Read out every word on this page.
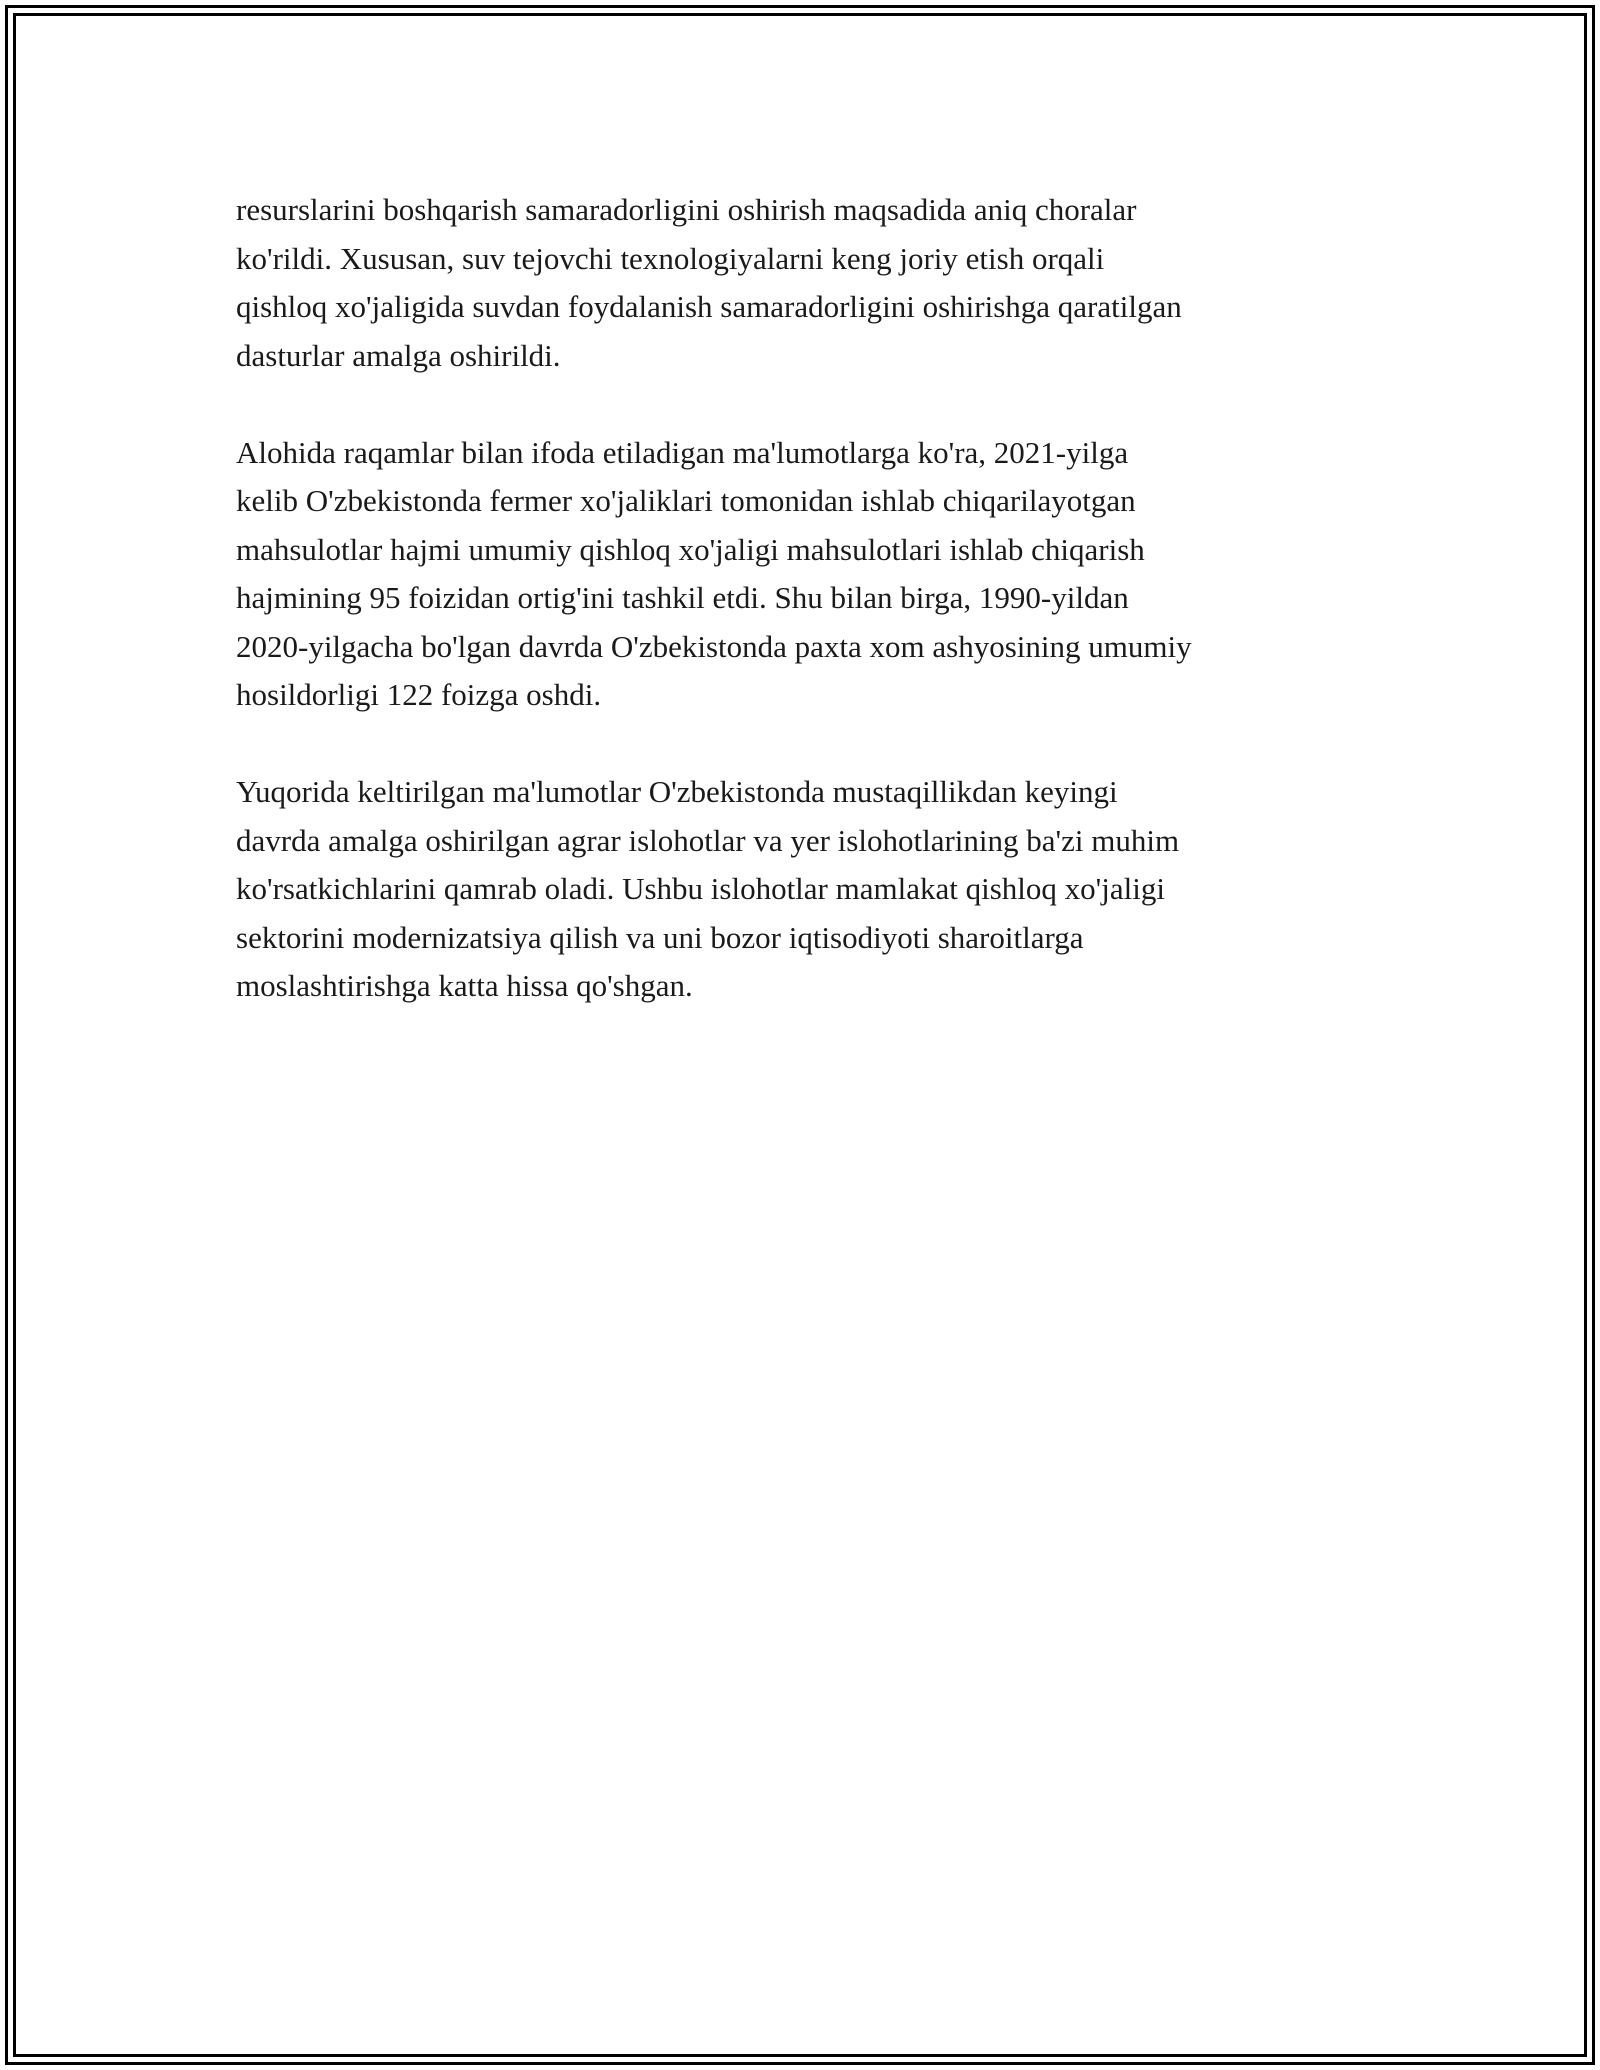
resurslarini boshqarish samaradorligini oshirish maqsadida aniq choralar
ko'rildi. Xususan, suv tejovchi texnologiyalarni keng joriy etish orqali
qishloq xo'jaligida suvdan foydalanish samaradorligini oshirishga qaratilgan
dasturlar amalga oshirildi.

Alohida raqamlar bilan ifoda etiladigan ma'lumotlarga ko'ra, 2021-yilga
kelib O'zbekistonda fermer xo'jaliklari tomonidan ishlab chiqarilayotgan
mahsulotlar hajmi umumiy qishloq xo'jaligi mahsulotlari ishlab chiqarish
hajmining 95 foizidan ortig'ini tashkil etdi. Shu bilan birga, 1990-yildan
2020-yilgacha bo'lgan davrda O'zbekistonda paxta xom ashyosining umumiy
hosildorligi 122 foizga oshdi.

Yuqorida keltirilgan ma'lumotlar O'zbekistonda mustaqillikdan keyingi
davrda amalga oshirilgan agrar islohotlar va yer islohotlarining ba'zi muhim
ko'rsatkichlarini qamrab oladi. Ushbu islohotlar mamlakat qishloq xo'jaligi
sektorini modernizatsiya qilish va uni bozor iqtisodiyoti sharoitlarga
moslashtirishga katta hissa qo'shgan.
